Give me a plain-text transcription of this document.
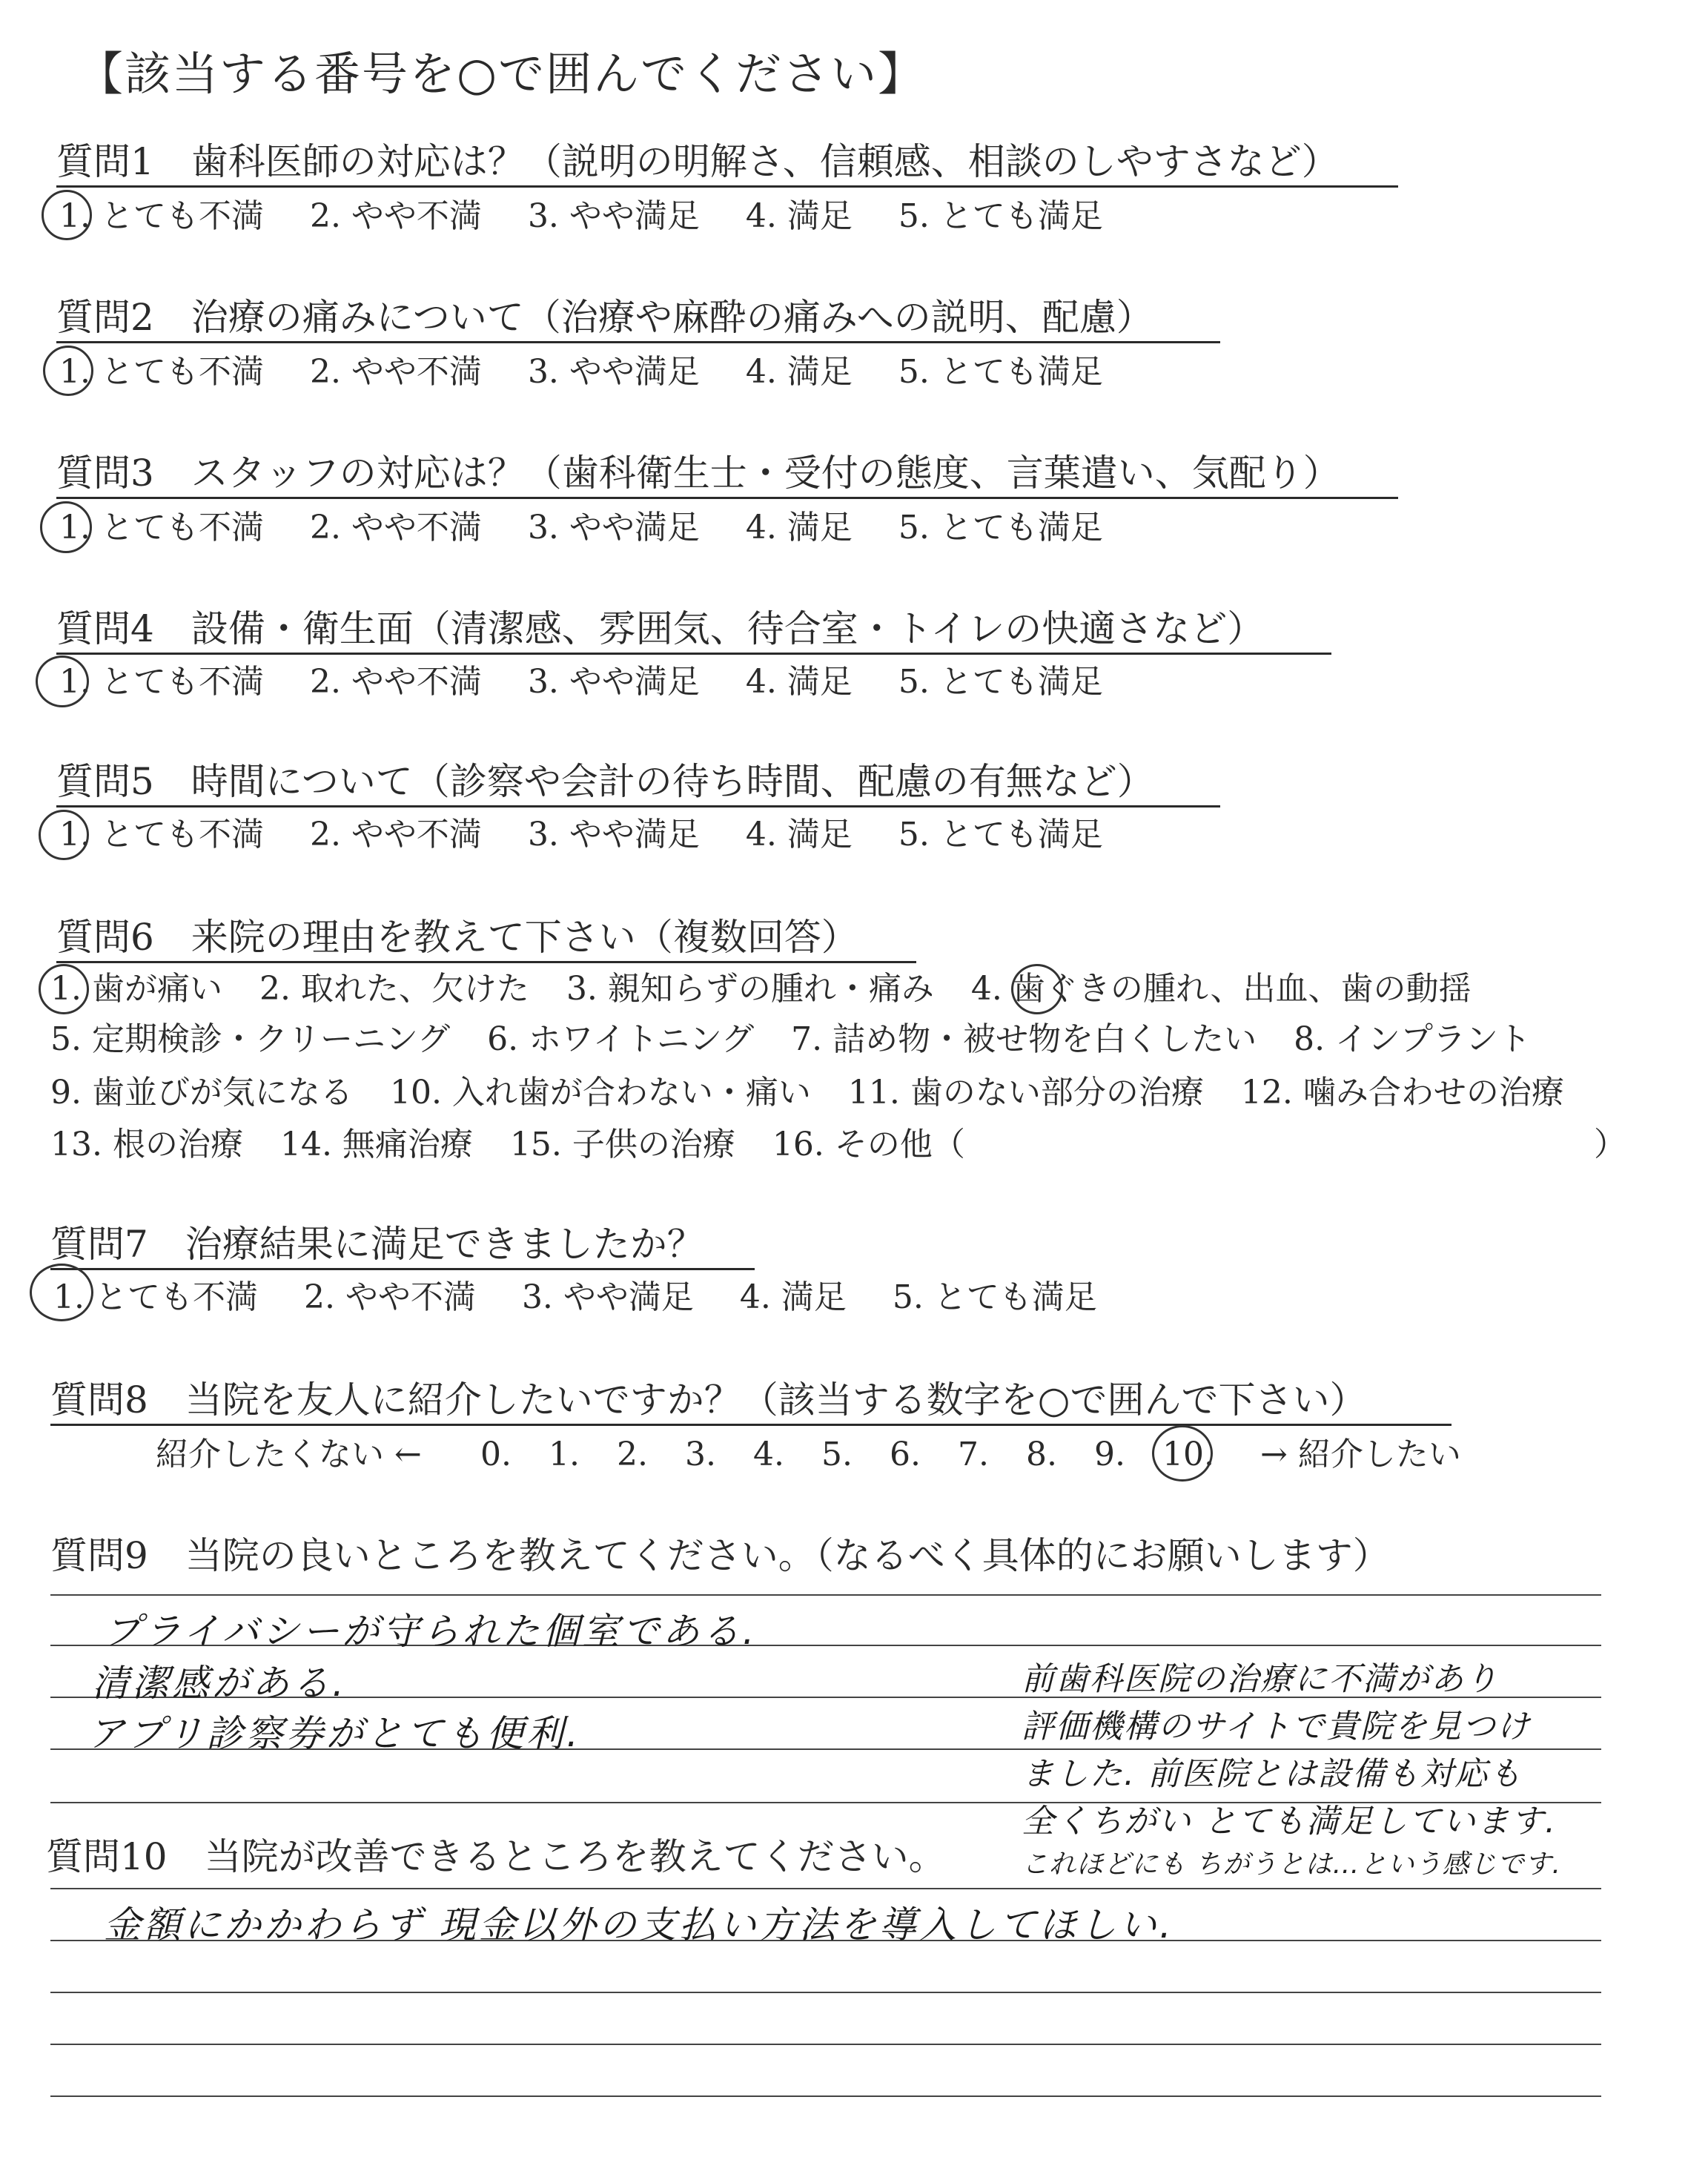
【該当する番号を○で囲んでください】
質問1　歯科医師の対応は？（説明の明解さ、信頼感、相談のしやすさなど）
1. とても不満 2. やや不満 3. やや満足 4. 満足 5. とても満足
質問2　治療の痛みについて（治療や麻酔の痛みへの説明、配慮）
1. とても不満 2. やや不満 3. やや満足 4. 満足 5. とても満足
質問3　スタッフの対応は？（歯科衛生士・受付の態度、言葉遣い、気配り）
1. とても不満 2. やや不満 3. やや満足 4. 満足 5. とても満足
質問4　設備・衛生面（清潔感、雰囲気、待合室・トイレの快適さなど）
1. とても不満 2. やや不満 3. やや満足 4. 満足 5. とても満足
質問5　時間について（診察や会計の待ち時間、配慮の有無など）
1. とても不満 2. やや不満 3. やや満足 4. 満足 5. とても満足
質問6　来院の理由を教えて下さい（複数回答）
1. 歯が痛い 2. 取れた、欠けた 3. 親知らずの腫れ・痛み 4. 歯ぐきの腫れ、出血、歯の動揺
5. 定期検診・クリーニング 6. ホワイトニング 7. 詰め物・被せ物を白くしたい 8. インプラント
9. 歯並びが気になる 10. 入れ歯が合わない・痛い 11. 歯のない部分の治療 12. 噛み合わせの治療
13. 根の治療 14. 無痛治療 15. 子供の治療 16. その他（	）
質問7　治療結果に満足できましたか？
1. とても不満 2. やや不満 3. やや満足 4. 満足 5. とても満足
質問8　当院を友人に紹介したいですか？（該当する数字を○で囲んで下さい）
紹介したくない ← 0. 1. 2. 3. 4. 5. 6. 7. 8. 9. 10.	→ 紹介したい
質問9　当院の良いところを教えてください。（なるべく具体的にお願いします）
プライバシーが守られた個室である.
清潔感がある.
アプリ診察券がとても便利.
前歯科医院の治療に不満があり
評価機構のサイトで貴院を見つけ
ました. 前医院とは設備も対応も
全くちがい とても満足しています.
これほどにも ちがうとは…という感じです.
質問10　当院が改善できるところを教えてください。
金額にかかわらず 現金以外の支払い方法を導入してほしい.
